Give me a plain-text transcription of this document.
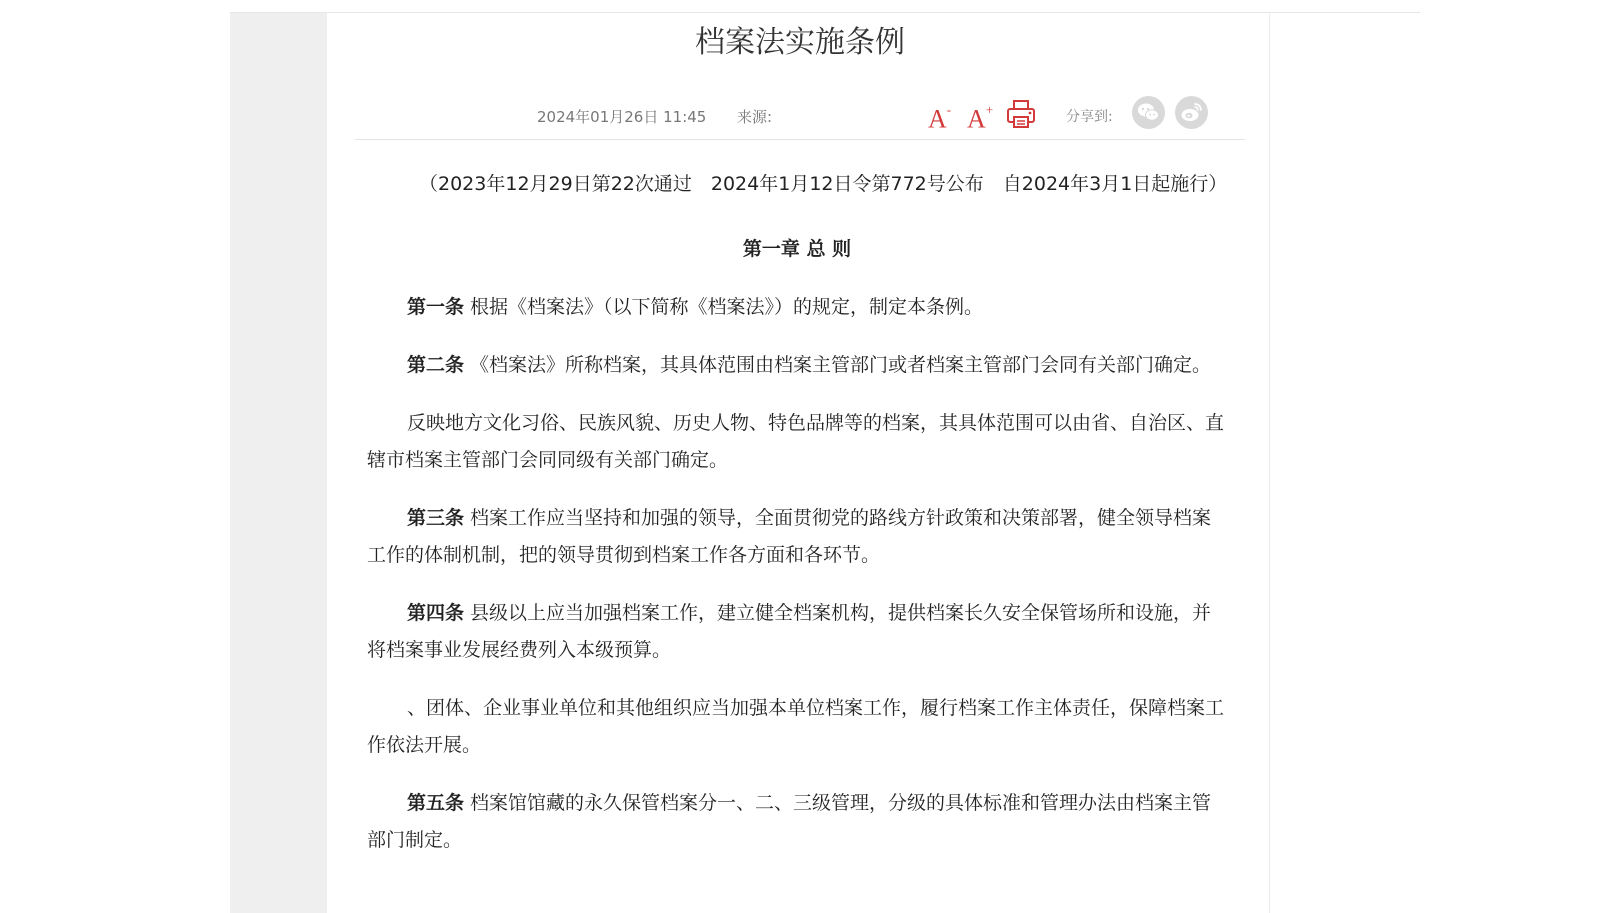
档案法实施条例
2024年01月26日 11:45 来源:	A- A+	分享到:

（2023年12月29日第22次通过　2024年1月12日令第772号公布　自2024年3月1日起施行）

第一章 总 则

第一条 根据《档案法》（以下简称《档案法》）的规定，制定本条例。

第二条 《档案法》所称档案，其具体范围由档案主管部门或者档案主管部门会同有关部门确定。

反映地方文化习俗、民族风貌、历史人物、特色品牌等的档案，其具体范围可以由省、自治区、直辖市档案主管部门会同同级有关部门确定。

第三条 档案工作应当坚持和加强的领导，全面贯彻党的路线方针政策和决策部署，健全领导档案工作的体制机制，把的领导贯彻到档案工作各方面和各环节。

第四条 县级以上应当加强档案工作，建立健全档案机构，提供档案长久安全保管场所和设施，并将档案事业发展经费列入本级预算。

、团体、企业事业单位和其他组织应当加强本单位档案工作，履行档案工作主体责任，保障档案工作依法开展。

第五条 档案馆馆藏的永久保管档案分一、二、三级管理，分级的具体标准和管理办法由档案主管部门制定。
